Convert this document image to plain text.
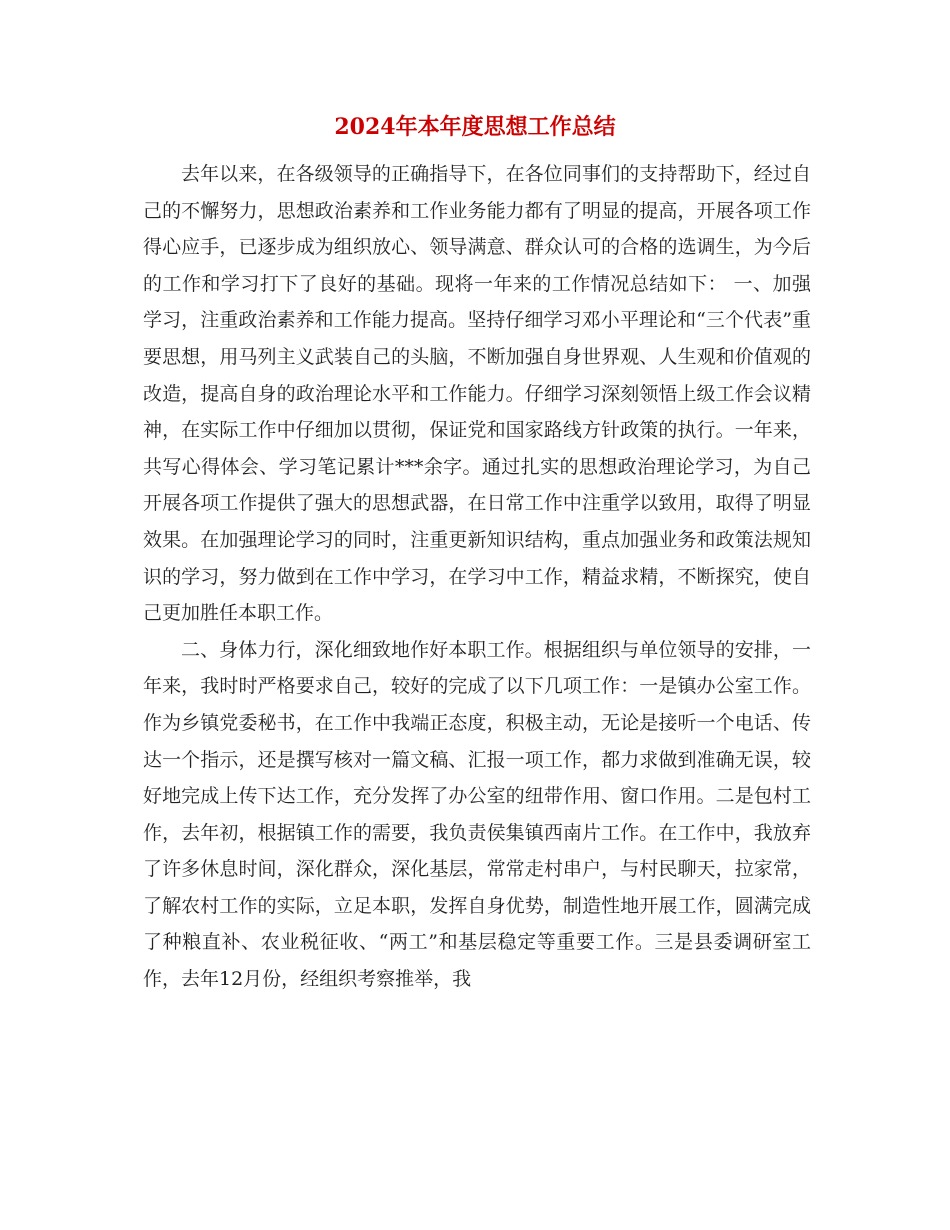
2024年本年度思想工作总结

去年以来，在各级领导的正确指导下，在各位同事们的支持帮助下，经过自己的不懈努力，思想政治素养和工作业务能力都有了明显的提高，开展各项工作得心应手，已逐步成为组织放心、领导满意、群众认可的合格的选调生，为今后的工作和学习打下了良好的基础。现将一年来的工作情况总结如下： 一、加强学习，注重政治素养和工作能力提高。坚持仔细学习邓小平理论和“三个代表”重要思想，用马列主义武装自己的头脑，不断加强自身世界观、人生观和价值观的改造，提高自身的政治理论水平和工作能力。仔细学习深刻领悟上级工作会议精神，在实际工作中仔细加以贯彻，保证党和国家路线方针政策的执行。一年来，共写心得体会、学习笔记累计***余字。通过扎实的思想政治理论学习，为自己开展各项工作提供了强大的思想武器，在日常工作中注重学以致用，取得了明显效果。在加强理论学习的同时，注重更新知识结构，重点加强业务和政策法规知识的学习，努力做到在工作中学习，在学习中工作，精益求精，不断探究，使自己更加胜任本职工作。

二、身体力行，深化细致地作好本职工作。根据组织与单位领导的安排，一年来，我时时严格要求自己，较好的完成了以下几项工作：一是镇办公室工作。作为乡镇党委秘书，在工作中我端正态度，积极主动，无论是接听一个电话、传达一个指示，还是撰写核对一篇文稿、汇报一项工作，都力求做到准确无误，较好地完成上传下达工作，充分发挥了办公室的纽带作用、窗口作用。二是包村工作，去年初，根据镇工作的需要，我负责侯集镇西南片工作。在工作中，我放弃了许多休息时间，深化群众，深化基层，常常走村串户，与村民聊天，拉家常，了解农村工作的实际，立足本职，发挥自身优势，制造性地开展工作，圆满完成了种粮直补、农业税征收、“两工”和基层稳定等重要工作。三是县委调研室工作，去年12月份，经组织考察推举，我
